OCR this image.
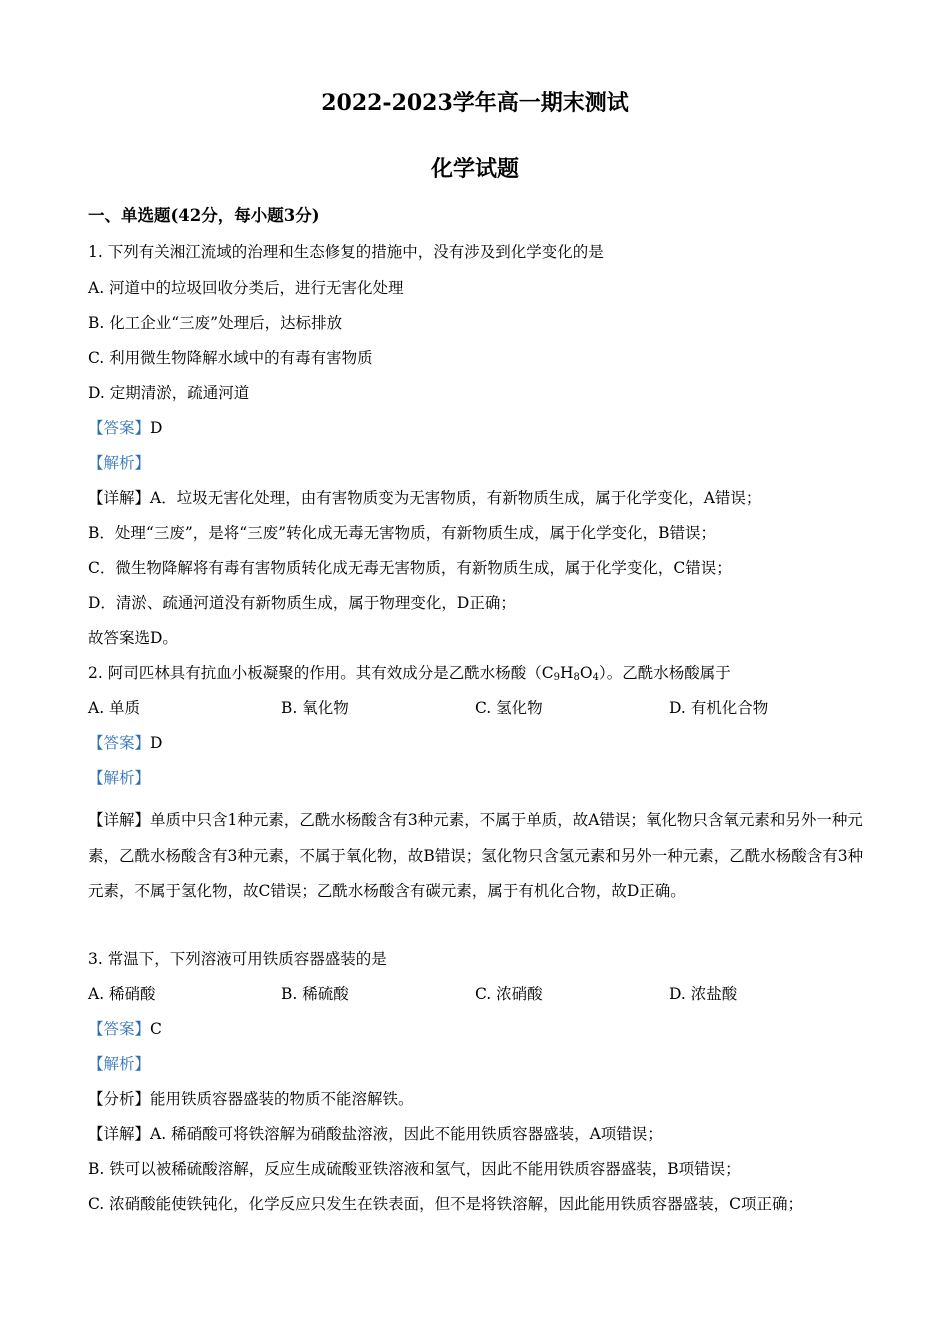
2022-2023学年高一期末测试
化学试题
一、单选题(42分，每小题3分)
1. 下列有关湘江流域的治理和生态修复的措施中，没有涉及到化学变化的是
A. 河道中的垃圾回收分类后，进行无害化处理
B. 化工企业“三废”处理后，达标排放
C. 利用微生物降解水域中的有毒有害物质
D. 定期清淤，疏通河道
【答案】D
【解析】
【详解】A．垃圾无害化处理，由有害物质变为无害物质，有新物质生成，属于化学变化，A错误；
B．处理“三废”，是将“三废”转化成无毒无害物质，有新物质生成，属于化学变化，B错误；
C．微生物降解将有毒有害物质转化成无毒无害物质，有新物质生成，属于化学变化，C错误；
D．清淤、疏通河道没有新物质生成，属于物理变化，D正确；
故答案选D。
2. 阿司匹林具有抗血小板凝聚的作用。其有效成分是乙酰水杨酸$(C_9H_8O_4)$。乙酰水杨酸属于
A. 单质	B. 氧化物	C. 氢化物	D. 有机化合物
【答案】D
【解析】
【详解】单质中只含1种元素，乙酰水杨酸含有3种元素，不属于单质，故A错误；氧化物只含氧元素和另外一种元素，乙酰水杨酸含有3种元素，不属于氧化物，故B错误；氢化物只含氢元素和另外一种元素，乙酰水杨酸含有3种元素，不属于氢化物，故C错误；乙酰水杨酸含有碳元素，属于有机化合物，故D正确。
3. 常温下，下列溶液可用铁质容器盛装的是
A. 稀硝酸	B. 稀硫酸	C. 浓硝酸	D. 浓盐酸
【答案】C
【解析】
【分析】能用铁质容器盛装的物质不能溶解铁。
【详解】A. 稀硝酸可将铁溶解为硝酸盐溶液，因此不能用铁质容器盛装，A项错误；
B. 铁可以被稀硫酸溶解，反应生成硫酸亚铁溶液和氢气，因此不能用铁质容器盛装，B项错误；
C. 浓硝酸能使铁钝化，化学反应只发生在铁表面，但不是将铁溶解，因此能用铁质容器盛装，C项正确；
